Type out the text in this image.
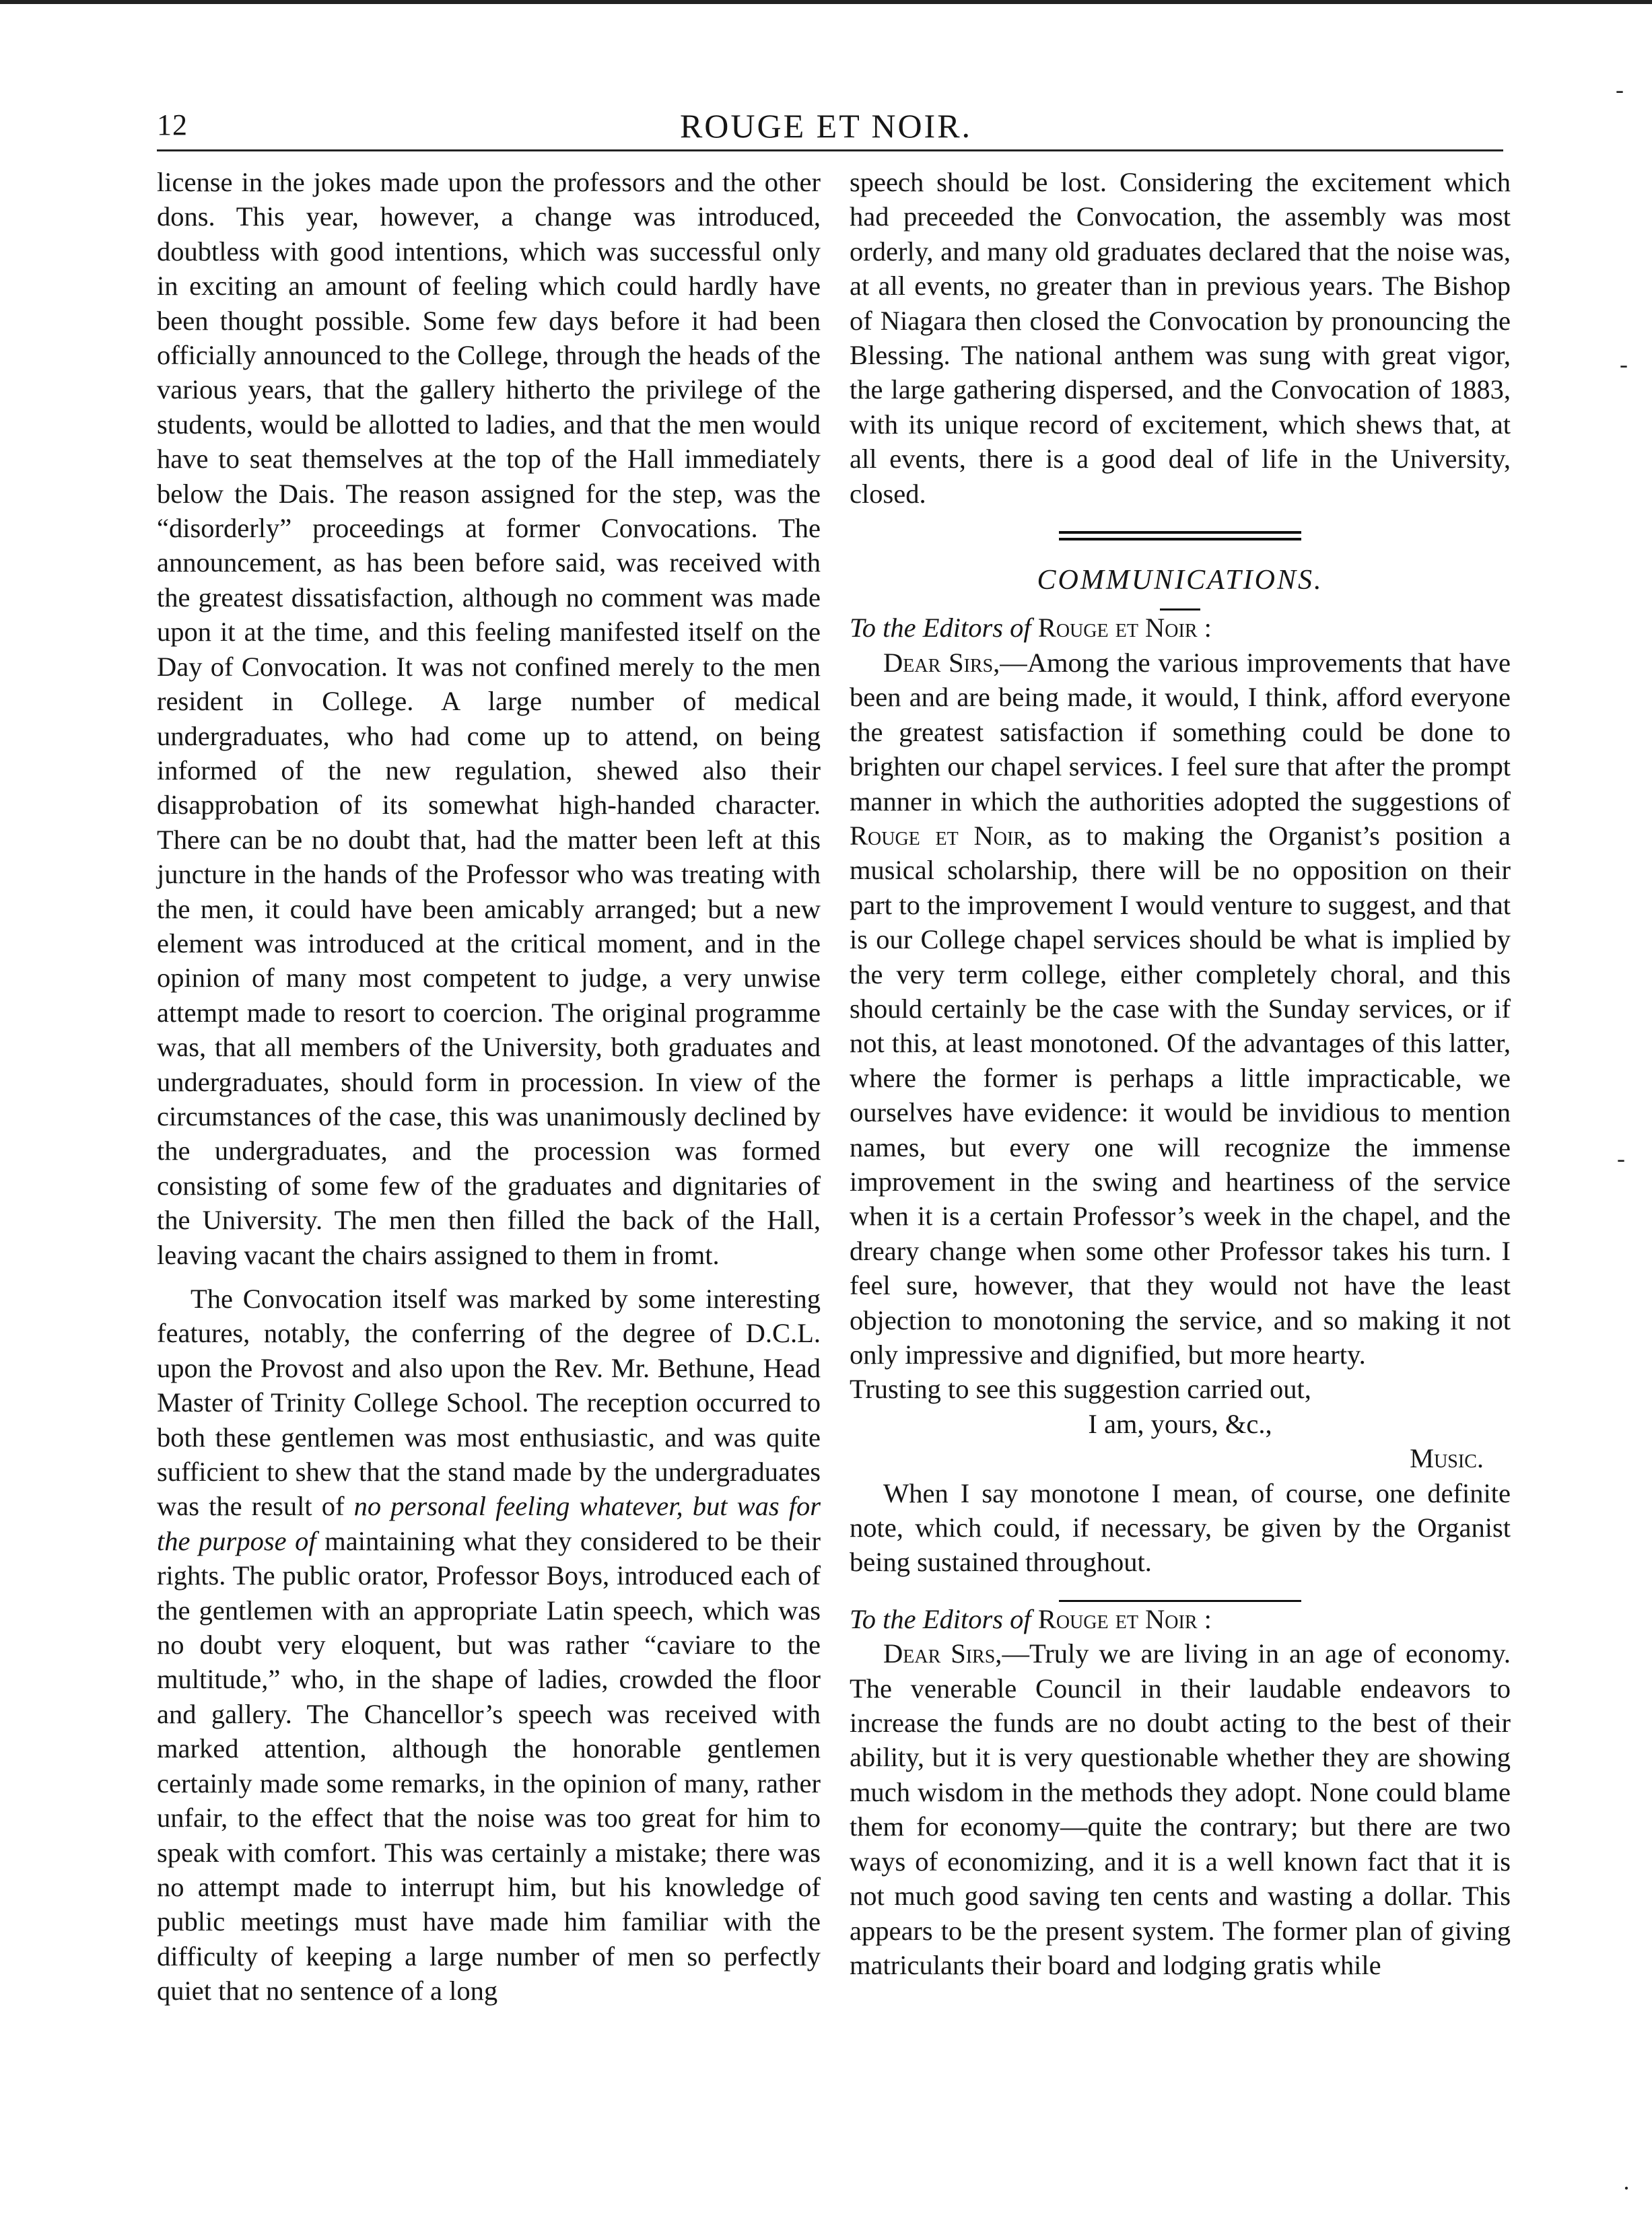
12	ROUGE ET NOIR.

license in the jokes made upon the professors and the other dons. This year, however, a change was introduced, doubtless with good intentions, which was successful only in exciting an amount of feeling which could hardly have been thought possible. Some few days before it had been officially announced to the College, through the heads of the various years, that the gallery hitherto the privilege of the students, would be allotted to ladies, and that the men would have to seat themselves at the top of the Hall immediately below the Dais. The reason assigned for the step, was the “disorderly” proceedings at former Convocations. The announcement, as has been before said, was received with the greatest dissatisfaction, although no comment was made upon it at the time, and this feeling manifested itself on the Day of Convocation. It was not confined merely to the men resident in College. A large number of medical undergraduates, who had come up to attend, on being informed of the new regulation, shewed also their disapprobation of its somewhat high-handed character. There can be no doubt that, had the matter been left at this juncture in the hands of the Professor who was treating with the men, it could have been amicably arranged; but a new element was introduced at the critical moment, and in the opinion of many most competent to judge, a very unwise attempt made to resort to coercion. The original programme was, that all members of the University, both graduates and undergraduates, should form in procession. In view of the circumstances of the case, this was unanimously declined by the undergraduates, and the procession was formed consisting of some few of the graduates and dignitaries of the University. The men then filled the back of the Hall, leaving vacant the chairs assigned to them in fromt.

The Convocation itself was marked by some interesting features, notably, the conferring of the degree of D.C.L. upon the Provost and also upon the Rev. Mr. Bethune, Head Master of Trinity College School. The reception occurred to both these gentlemen was most enthusiastic, and was quite sufficient to shew that the stand made by the undergraduates was the result of no personal feeling whatever, but was for the purpose of maintaining what they considered to be their rights. The public orator, Professor Boys, introduced each of the gentlemen with an appropriate Latin speech, which was no doubt very eloquent, but was rather “caviare to the multitude,” who, in the shape of ladies, crowded the floor and gallery. The Chancellor’s speech was received with marked attention, although the honorable gentlemen certainly made some remarks, in the opinion of many, rather unfair, to the effect that the noise was too great for him to speak with comfort. This was certainly a mistake; there was no attempt made to interrupt him, but his knowledge of public meetings must have made him familiar with the difficulty of keeping a large number of men so perfectly quiet that no sentence of a long

speech should be lost. Considering the excitement which had preceeded the Convocation, the assembly was most orderly, and many old graduates declared that the noise was, at all events, no greater than in previous years. The Bishop of Niagara then closed the Convocation by pronouncing the Blessing. The national anthem was sung with great vigor, the large gathering dispersed, and the Convocation of 1883, with its unique record of excitement, which shews that, at all events, there is a good deal of life in the University, closed.

COMMUNICATIONS.

To the Editors of Rouge et Noir :

Dear Sirs,—Among the various improvements that have been and are being made, it would, I think, afford everyone the greatest satisfaction if something could be done to brighten our chapel services. I feel sure that after the prompt manner in which the authorities adopted the suggestions of Rouge et Noir, as to making the Organist’s position a musical scholarship, there will be no opposition on their part to the improvement I would venture to suggest, and that is our College chapel services should be what is implied by the very term college, either completely choral, and this should certainly be the case with the Sunday services, or if not this, at least monotoned. Of the advantages of this latter, where the former is perhaps a little impracticable, we ourselves have evidence: it would be invidious to mention names, but every one will recognize the immense improvement in the swing and heartiness of the service when it is a certain Professor’s week in the chapel, and the dreary change when some other Professor takes his turn. I feel sure, however, that they would not have the least objection to monotoning the service, and so making it not only impressive and dignified, but more hearty.

Trusting to see this suggestion carried out,

I am, yours, &c.,

Music.

When I say monotone I mean, of course, one definite note, which could, if necessary, be given by the Organist being sustained throughout.

To the Editors of Rouge et Noir :

Dear Sirs,—Truly we are living in an age of economy. The venerable Council in their laudable endeavors to increase the funds are no doubt acting to the best of their ability, but it is very questionable whether they are showing much wisdom in the methods they adopt. None could blame them for economy—quite the contrary; but there are two ways of economizing, and it is a well known fact that it is not much good saving ten cents and wasting a dollar. This appears to be the present system. The former plan of giving matriculants their board and lodging gratis while

-
-
-
·
